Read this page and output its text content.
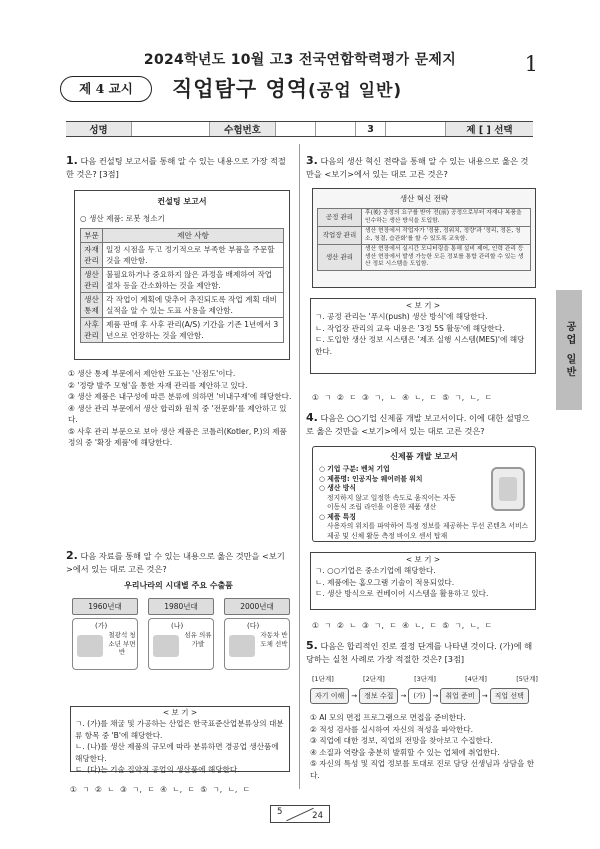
2024학년도 10월 고3 전국연합학력평가 문제지	1
제 4 교시	직업탐구 영역(공업 일반)
성명	수험번호	3	제 [ ] 선택
공업 일반
1. 다음 컨설팅 보고서를 통해 알 수 있는 내용으로 가장 적절한 것은? [3점]
컨설팅 보고서
○ 생산 제품: 로봇 청소기
부문	제안 사항
자재 관리	일정 시점을 두고 정기적으로 부족한 부품을 주문할 것을 제안함.
생산 관리	불필요하거나 중요하지 않은 과정을 배제하여 작업 절차 등을 간소화하는 것을 제안함.
생산 통제	각 작업이 계획에 맞추어 추진되도록 작업 계획 대비 실적을 알 수 있는 도표 사용을 제안함.
사후 관리	제품 판매 후 사후 관리(A/S) 기간을 기존 1년에서 3년으로 연장하는 것을 제안함.
① 생산 통제 부문에서 제안한 도표는 '산점도'이다.
② '정량 발주 모형'을 통한 자재 관리를 제안하고 있다.
③ 생산 제품은 내구성에 따른 분류에 의하면 '비내구재'에 해당한다.
④ 생산 관리 부문에서 생산 합리화 원칙 중 '전문화'를 제안하고 있다.
⑤ 사후 관리 부문으로 보아 생산 제품은 코틀러(Kotler, P.)의 제품 정의 중 '확장 제품'에 해당한다.
2. 다음 자료를 통해 알 수 있는 내용으로 옳은 것만을 <보기>에서 있는 대로 고른 것은?
우리나라의 시대별 주요 수출품
1960년대	1980년대	2000년대
(가)
철광석 청소년 부면반
(나)
섬유 의류 가발
(다)
자동차 반도체 선박
< 보 기 >
ㄱ. (가)를 채굴 및 가공하는 산업은 한국표준산업분류상의 대분류 항목 중 'B'에 해당한다.
ㄴ. (나)를 생산 제품의 규모에 따라 분류하면 경공업 생산품에 해당한다.
ㄷ. (다)는 기술 집약적 공업의 생산품에 해당한다.
① ㄱ ② ㄴ ③ ㄱ, ㄷ ④ ㄴ, ㄷ ⑤ ㄱ, ㄴ, ㄷ
3. 다음의 생산 혁신 전략을 통해 알 수 있는 내용으로 옳은 것만을 <보기>에서 있는 대로 고른 것은?
생산 혁신 전략
공정 관리	후(後) 공정의 요구를 받아 전(前) 공정으로부터 자재나 복품을 인수하는 생산 방식을 도입함.
작업장 관리	생산 현장에서 작업자가 '정품, 정위치, 정량'과 '정리, 정돈, 청소, 청결, 습관화'를 할 수 있도록 교육함.
생산 관리	생산 현장에서 실시간 모니터링을 통해 설비 제어, 인력 관리 등 생산 현장에서 발생 가능한 모든 정보를 통합 관리할 수 있는 생산 정보 시스템을 도입함.
< 보 기 >
ㄱ. 공정 관리는 '푸시(push) 생산 방식'에 해당한다.
ㄴ. 작업장 관리의 교육 내용은 '3정 5S 활동'에 해당한다.
ㄷ. 도입한 생산 정보 시스템은 '제조 실행 시스템(MES)'에 해당한다.
① ㄱ ② ㄷ ③ ㄱ, ㄴ ④ ㄴ, ㄷ ⑤ ㄱ, ㄴ, ㄷ
4. 다음은 ○○기업 신제품 개발 보고서이다. 이에 대한 설명으로 옳은 것만을 <보기>에서 있는 대로 고른 것은?
신제품 개발 보고서
○ 기업 구분: 벤처 기업
○ 제품명: 인공지능 웨어러블 워치
○ 생산 방식
정지하지 않고 일정한 속도로 움직이는 자동 이동식 조립 라인을 이용한 제품 생산
○ 제품 특징
사용자의 위치를 파악하여 특정 정보를 제공하는 무선 콘텐츠 서비스 제공 및 신체 활동 측정 바이오 센서 탑재
< 보 기 >
ㄱ. ○○기업은 중소기업에 해당한다.
ㄴ. 제품에는 홈오그램 기술이 적용되었다.
ㄷ. 생산 방식으로 컨베이어 시스템을 활용하고 있다.
① ㄱ ② ㄴ ③ ㄱ, ㄷ ④ ㄴ, ㄷ ⑤ ㄱ, ㄴ, ㄷ
5. 다음은 합리적인 진로 결정 단계를 나타낸 것이다. (가)에 해당하는 실천 사례로 가장 적절한 것은? [3점]
[1단계]	[2단계]	[3단계]	[4단계]	[5단계]
자기 이해	→	정보 수집	→	(가)	→	취업 준비	→	직업 선택
① AI 모의 면접 프로그램으로 면접을 준비한다.
② 적성 검사를 실시하여 자신의 적성을 파악한다.
③ 직업에 대한 정보, 직업의 전망을 찾아보고 수집한다.
④ 소질과 역량을 충분히 발휘할 수 있는 업체에 취업한다.
⑤ 자신의 특성 및 직업 정보를 토대로 진로 담당 선생님과 상담을 한다.
5	24
